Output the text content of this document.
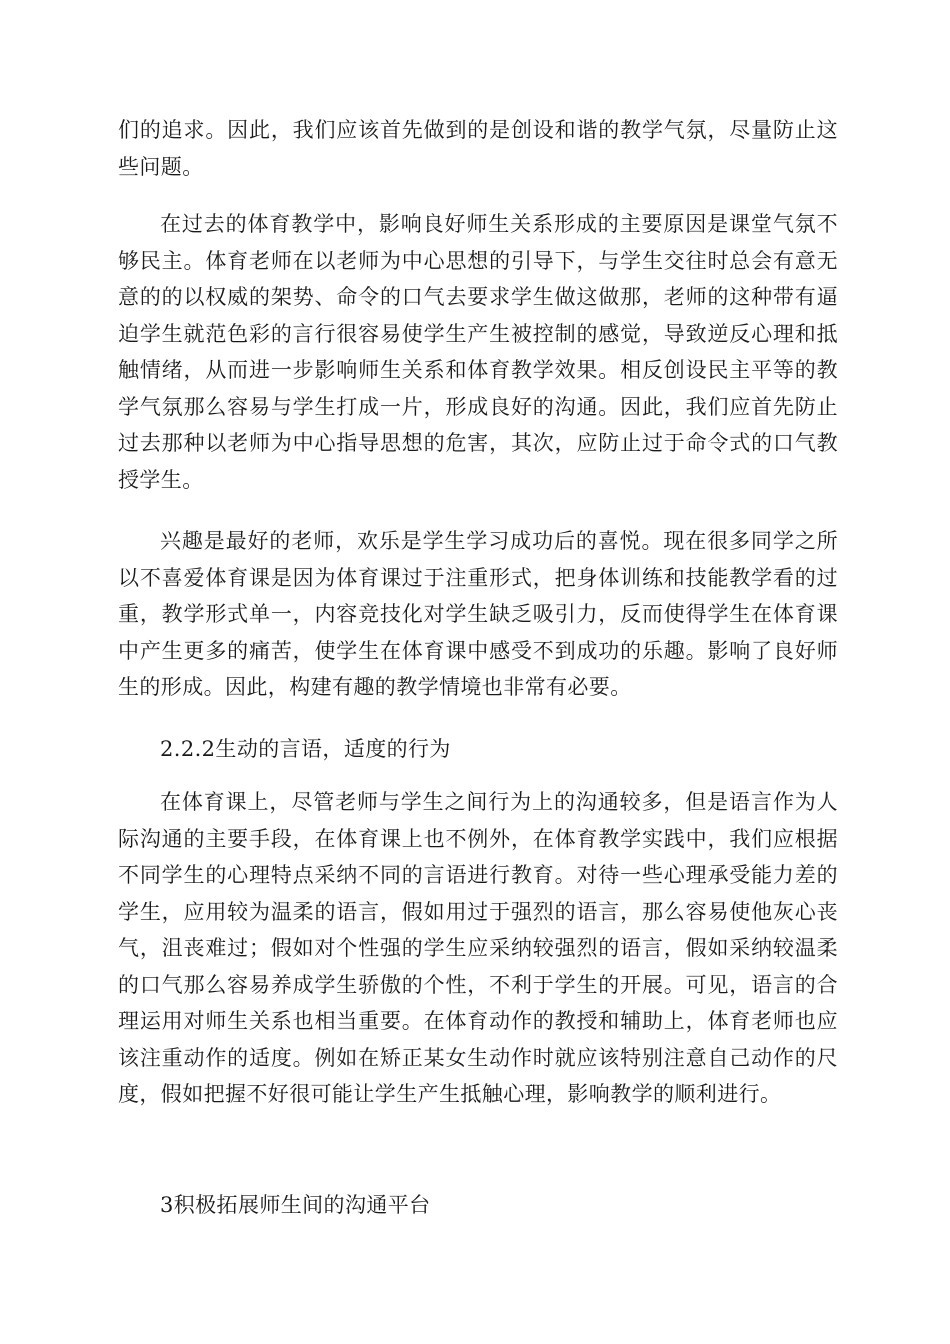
们的追求。因此，我们应该首先做到的是创设和谐的教学气氛，尽量防止这些问题。

在过去的体育教学中，影响良好师生关系形成的主要原因是课堂气氛不够民主。体育老师在以老师为中心思想的引导下，与学生交往时总会有意无意的的以权威的架势、命令的口气去要求学生做这做那，老师的这种带有逼迫学生就范色彩的言行很容易使学生产生被控制的感觉，导致逆反心理和抵触情绪，从而进一步影响师生关系和体育教学效果。相反创设民主平等的教学气氛那么容易与学生打成一片，形成良好的沟通。因此，我们应首先防止过去那种以老师为中心指导思想的危害，其次，应防止过于命令式的口气教授学生。

兴趣是最好的老师，欢乐是学生学习成功后的喜悦。现在很多同学之所以不喜爱体育课是因为体育课过于注重形式，把身体训练和技能教学看的过重，教学形式单一，内容竞技化对学生缺乏吸引力，反而使得学生在体育课中产生更多的痛苦，使学生在体育课中感受不到成功的乐趣。影响了良好师生的形成。因此，构建有趣的教学情境也非常有必要。

2.2.2生动的言语，适度的行为

在体育课上，尽管老师与学生之间行为上的沟通较多，但是语言作为人际沟通的主要手段，在体育课上也不例外，在体育教学实践中，我们应根据不同学生的心理特点采纳不同的言语进行教育。对待一些心理承受能力差的学生，应用较为温柔的语言，假如用过于强烈的语言，那么容易使他灰心丧气，沮丧难过；假如对个性强的学生应采纳较强烈的语言，假如采纳较温柔的口气那么容易养成学生骄傲的个性，不利于学生的开展。可见，语言的合理运用对师生关系也相当重要。在体育动作的教授和辅助上，体育老师也应该注重动作的适度。例如在矫正某女生动作时就应该特别注意自己动作的尺度，假如把握不好很可能让学生产生抵触心理，影响教学的顺利进行。

3积极拓展师生间的沟通平台
